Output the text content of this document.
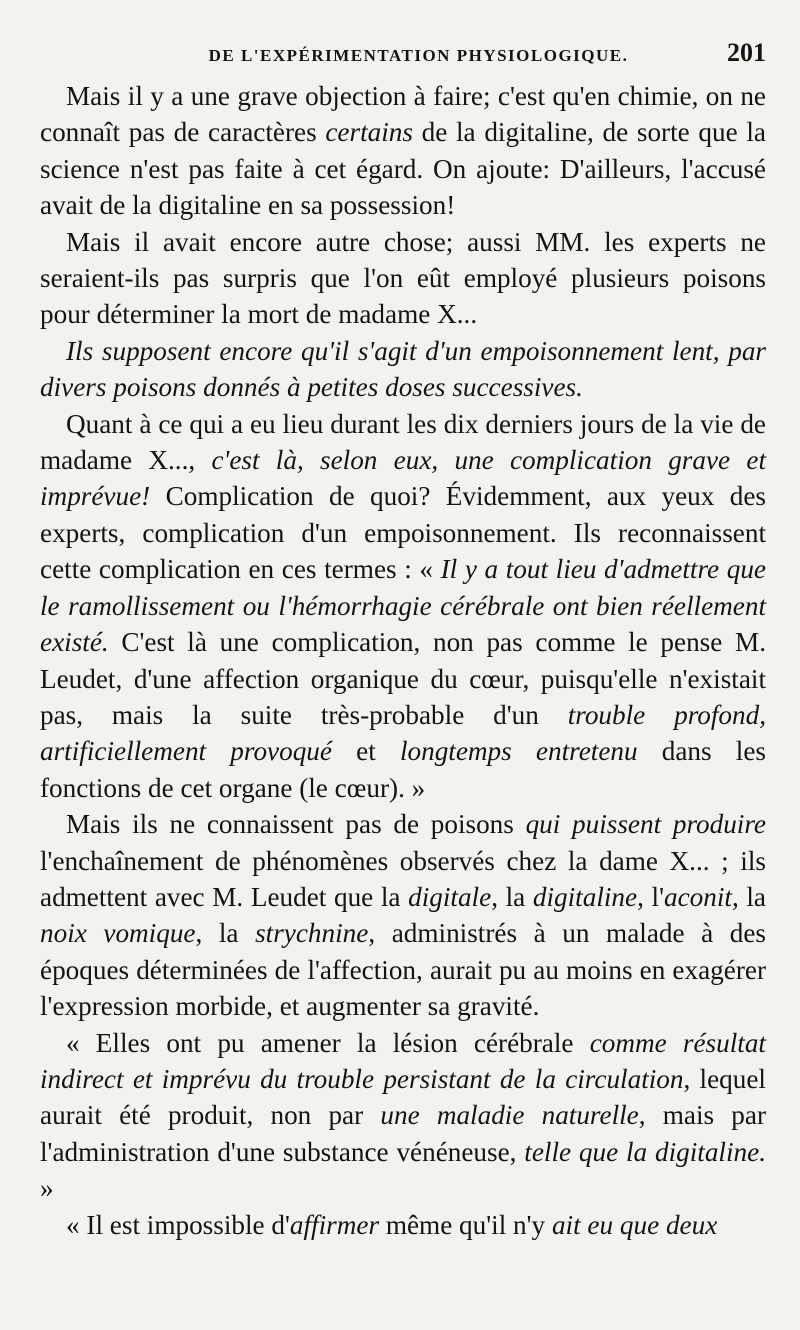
DE L'EXPÉRIMENTATION PHYSIOLOGIQUE.	201

Mais il y a une grave objection à faire; c'est qu'en chimie, on ne connaît pas de caractères certains de la digitaline, de sorte que la science n'est pas faite à cet égard. On ajoute: D'ailleurs, l'accusé avait de la digitaline en sa possession!

Mais il avait encore autre chose; aussi MM. les experts ne seraient-ils pas surpris que l'on eût employé plusieurs poisons pour déterminer la mort de madame X...

Ils supposent encore qu'il s'agit d'un empoisonnement lent, par divers poisons donnés à petites doses successives.

Quant à ce qui a eu lieu durant les dix derniers jours de la vie de madame X..., c'est là, selon eux, une complication grave et imprévue! Complication de quoi? Évidemment, aux yeux des experts, complication d'un empoisonnement. Ils reconnaissent cette complication en ces termes : « Il y a tout lieu d'admettre que le ramollissement ou l'hémorrhagie cérébrale ont bien réellement existé. C'est là une complication, non pas comme le pense M. Leudet, d'une affection organique du cœur, puisqu'elle n'existait pas, mais la suite très-probable d'un trouble profond, artificiellement provoqué et longtemps entretenu dans les fonctions de cet organe (le cœur). »

Mais ils ne connaissent pas de poisons qui puissent produire l'enchaînement de phénomènes observés chez la dame X... ; ils admettent avec M. Leudet que la digitale, la digitaline, l'aconit, la noix vomique, la strychnine, administrés à un malade à des époques déterminées de l'affection, aurait pu au moins en exagérer l'expression morbide, et augmenter sa gravité.

« Elles ont pu amener la lésion cérébrale comme résultat indirect et imprévu du trouble persistant de la circulation, lequel aurait été produit, non par une maladie naturelle, mais par l'administration d'une substance vénéneuse, telle que la digitaline. »

« Il est impossible d'affirmer même qu'il n'y ait eu que deux
